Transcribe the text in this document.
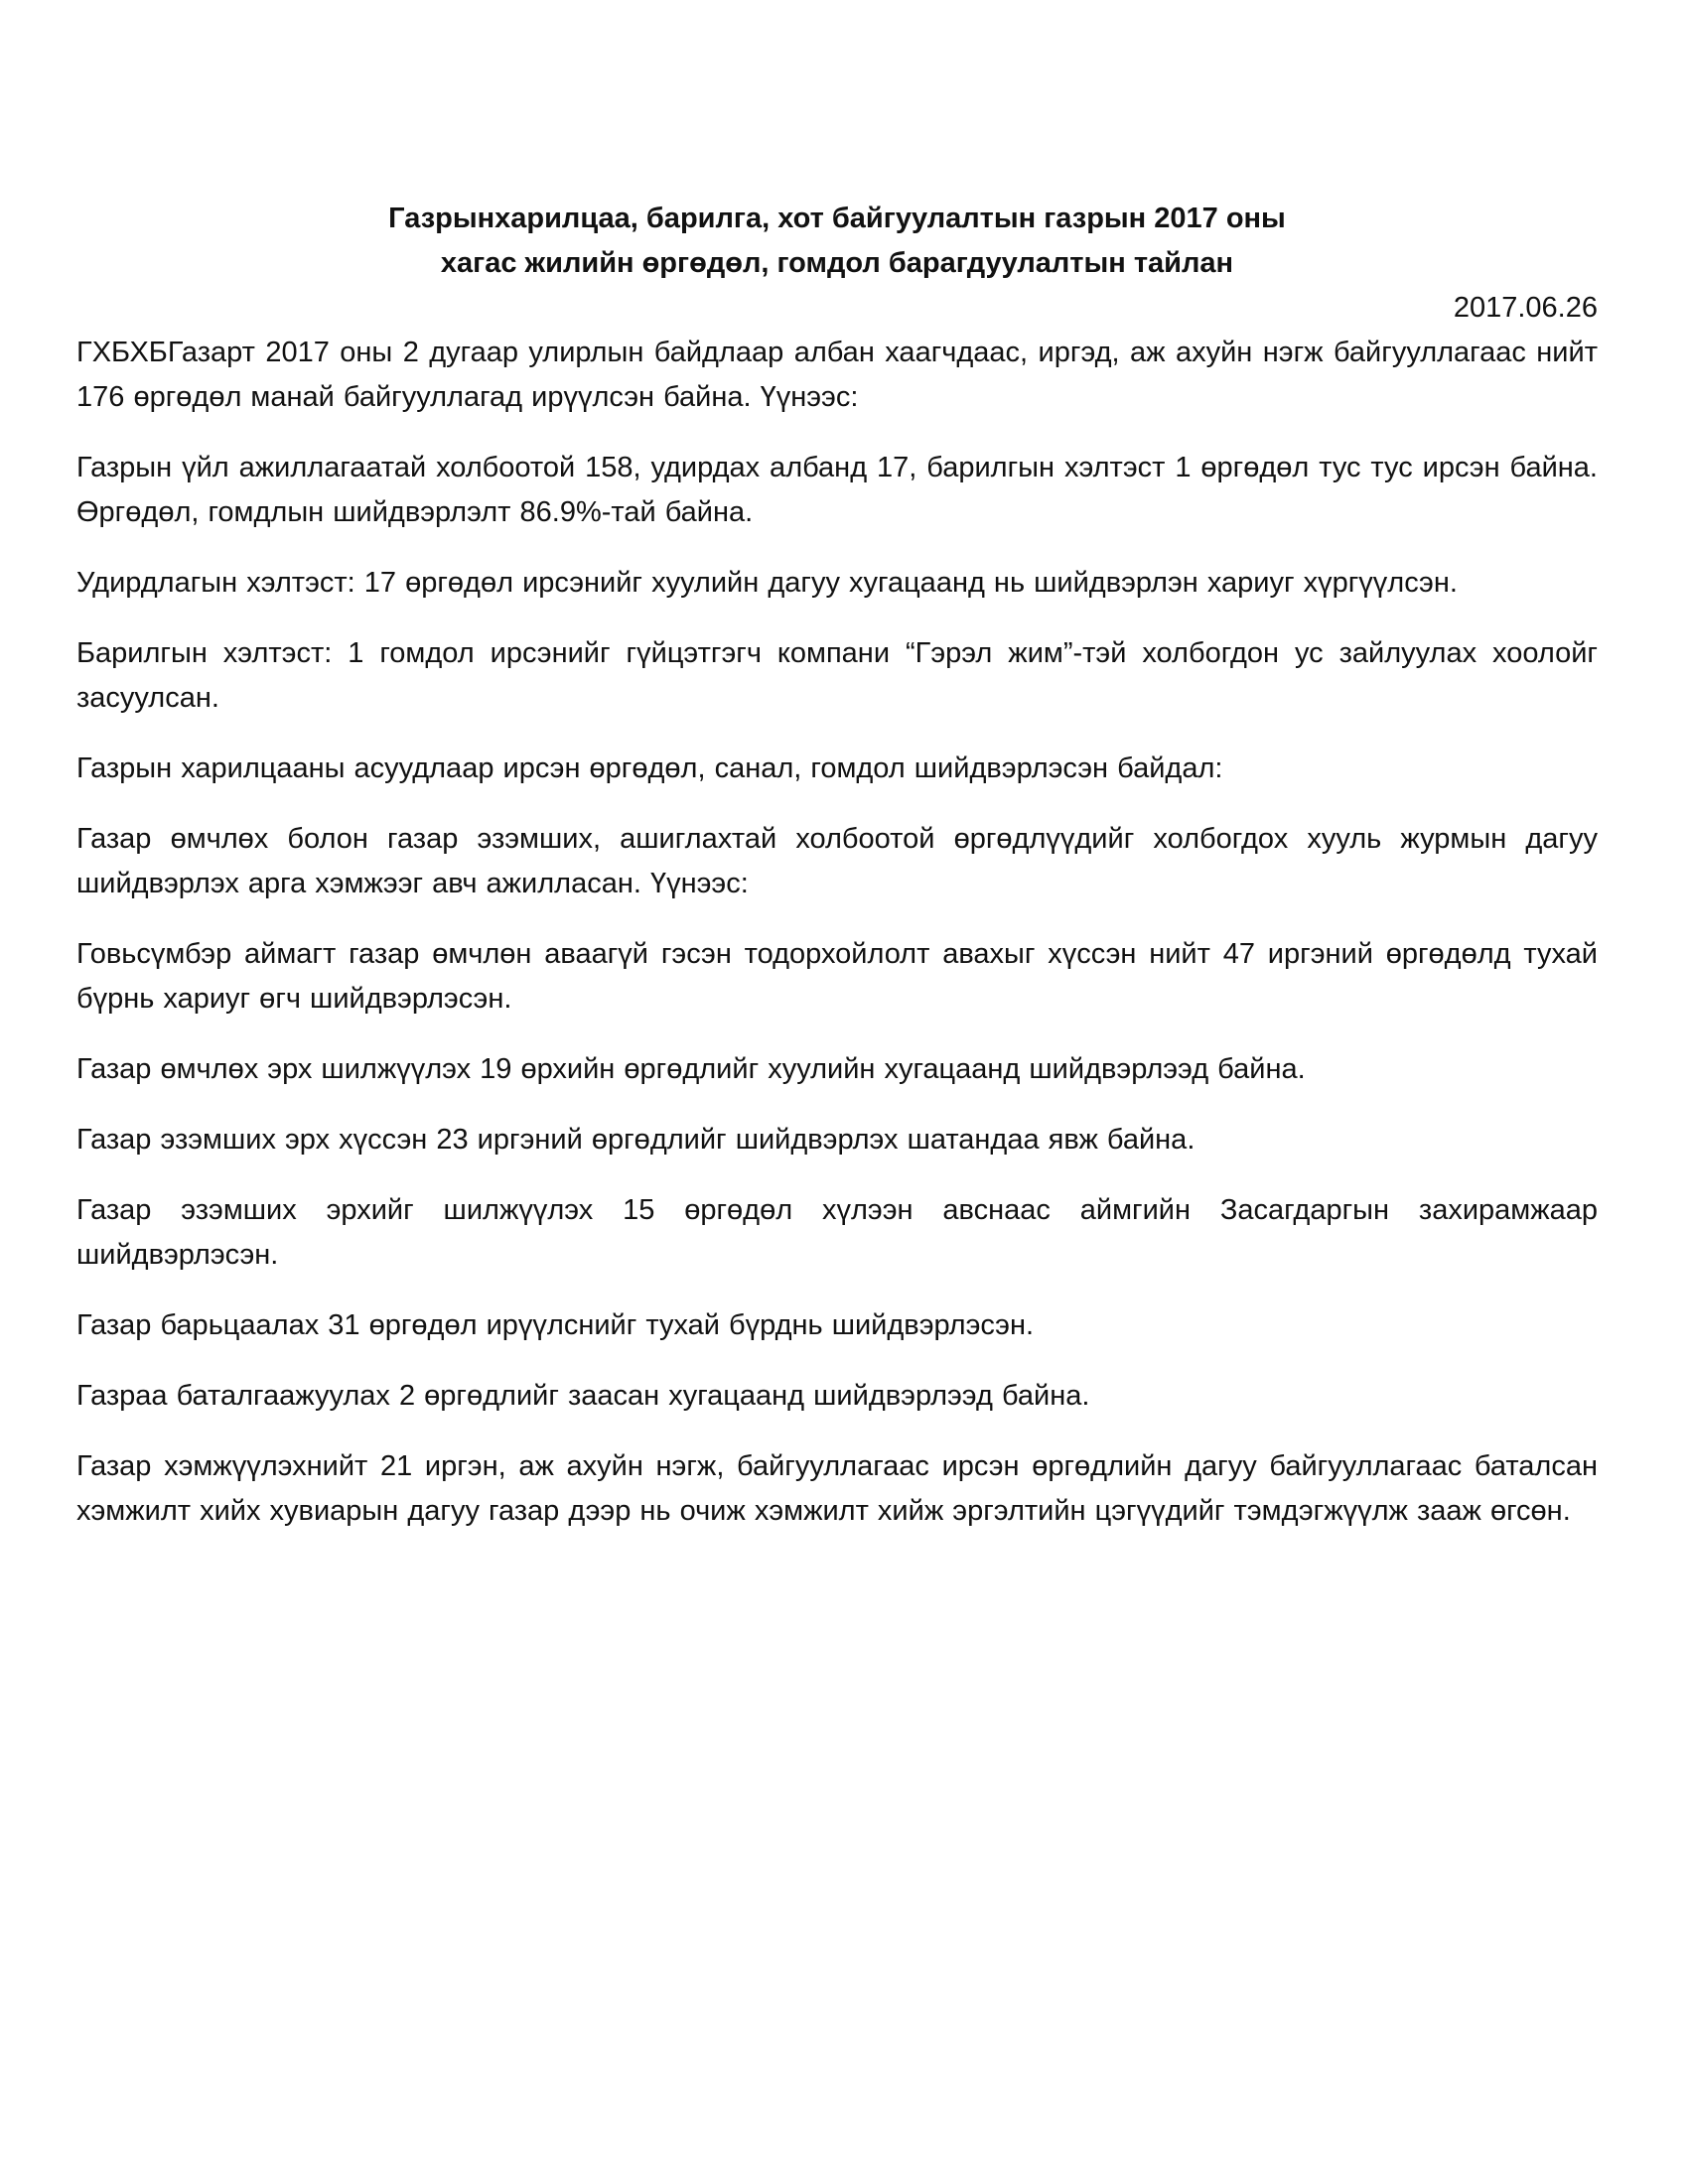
Газрынхарилцаа, барилга, хот байгуулалтын газрын 2017 оны

хагас жилийн өргөдөл, гомдол барагдуулалтын тайлан

2017.06.26

ГХБХБГазарт 2017 оны 2 дугаар улирлын байдлаар албан хаагчдаас, иргэд, аж ахуйн нэгж байгууллагаас нийт 176 өргөдөл манай байгууллагад ирүүлсэн байна. Үүнээс:

Газрын үйл ажиллагаатай холбоотой 158, удирдах албанд 17, барилгын хэлтэст 1 өргөдөл тус тус ирсэн байна. Өргөдөл, гомдлын шийдвэрлэлт 86.9%-тай байна.

Удирдлагын хэлтэст: 17 өргөдөл ирсэнийг хуулийн дагуу хугацаанд нь шийдвэрлэн хариуг хүргүүлсэн.

Барилгын хэлтэст: 1 гомдол ирсэнийг гүйцэтгэгч компани “Гэрэл жим”-тэй холбогдон ус зайлуулах хоолойг засуулсан.

Газрын харилцааны асуудлаар ирсэн өргөдөл, санал, гомдол шийдвэрлэсэн байдал:

Газар өмчлөх болон газар эзэмших, ашиглахтай холбоотой өргөдлүүдийг холбогдох хууль журмын дагуу шийдвэрлэх арга хэмжээг авч ажилласан. Үүнээс:

Говьсүмбэр аймагт газар өмчлөн аваагүй гэсэн тодорхойлолт авахыг хүссэн нийт 47 иргэний өргөдөлд тухай бүрнь хариуг өгч шийдвэрлэсэн.

Газар өмчлөх эрх шилжүүлэх 19 өрхийн өргөдлийг хуулийн хугацаанд шийдвэрлээд байна.

Газар эзэмших эрх хүссэн 23 иргэний өргөдлийг шийдвэрлэх шатандаа явж байна.

Газар эзэмших эрхийг шилжүүлэх 15 өргөдөл хүлээн авснаас аймгийн Засагдаргын захирамжаар шийдвэрлэсэн.

Газар барьцаалах 31 өргөдөл ирүүлснийг тухай бүрднь шийдвэрлэсэн.

Газраа баталгаажуулах 2 өргөдлийг заасан хугацаанд шийдвэрлээд байна.

Газар хэмжүүлэхнийт 21 иргэн, аж ахуйн нэгж, байгууллагаас ирсэн өргөдлийн дагуу байгууллагаас баталсан хэмжилт хийх хувиарын дагуу газар дээр нь очиж хэмжилт хийж эргэлтийн цэгүүдийг тэмдэгжүүлж зааж өгсөн.
